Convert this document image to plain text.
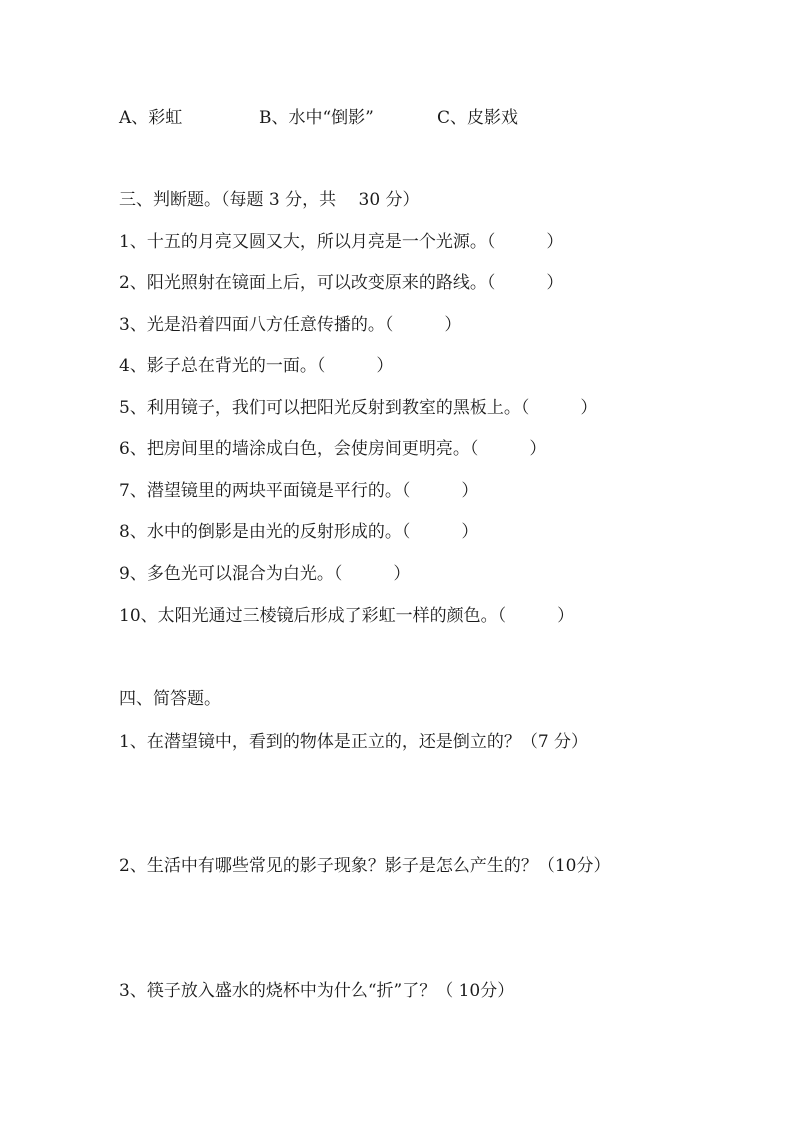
A、彩虹	B、水中“倒影”	C、皮影戏
三、判断题。（每题 3 分，共　 30 分）
1、十五的月亮又圆又大，所以月亮是一个光源。（　　　）
2、阳光照射在镜面上后，可以改变原来的路线。（　　　）
3、光是沿着四面八方任意传播的。（　　　）
4、影子总在背光的一面。（　　　）
5、利用镜子，我们可以把阳光反射到教室的黑板上。（　　　）
6、把房间里的墙涂成白色，会使房间更明亮。（　　　）
7、潜望镜里的两块平面镜是平行的。（　　　）
8、水中的倒影是由光的反射形成的。（　　　）
9、多色光可以混合为白光。（　　　）
10、太阳光通过三棱镜后形成了彩虹一样的颜色。（　　　）
四、简答题。
1、在潜望镜中，看到的物体是正立的，还是倒立的？（7 分）
2、生活中有哪些常见的影子现象？影子是怎么产生的？（10分）
3、筷子放入盛水的烧杯中为什么“折”了？（ 10分）
